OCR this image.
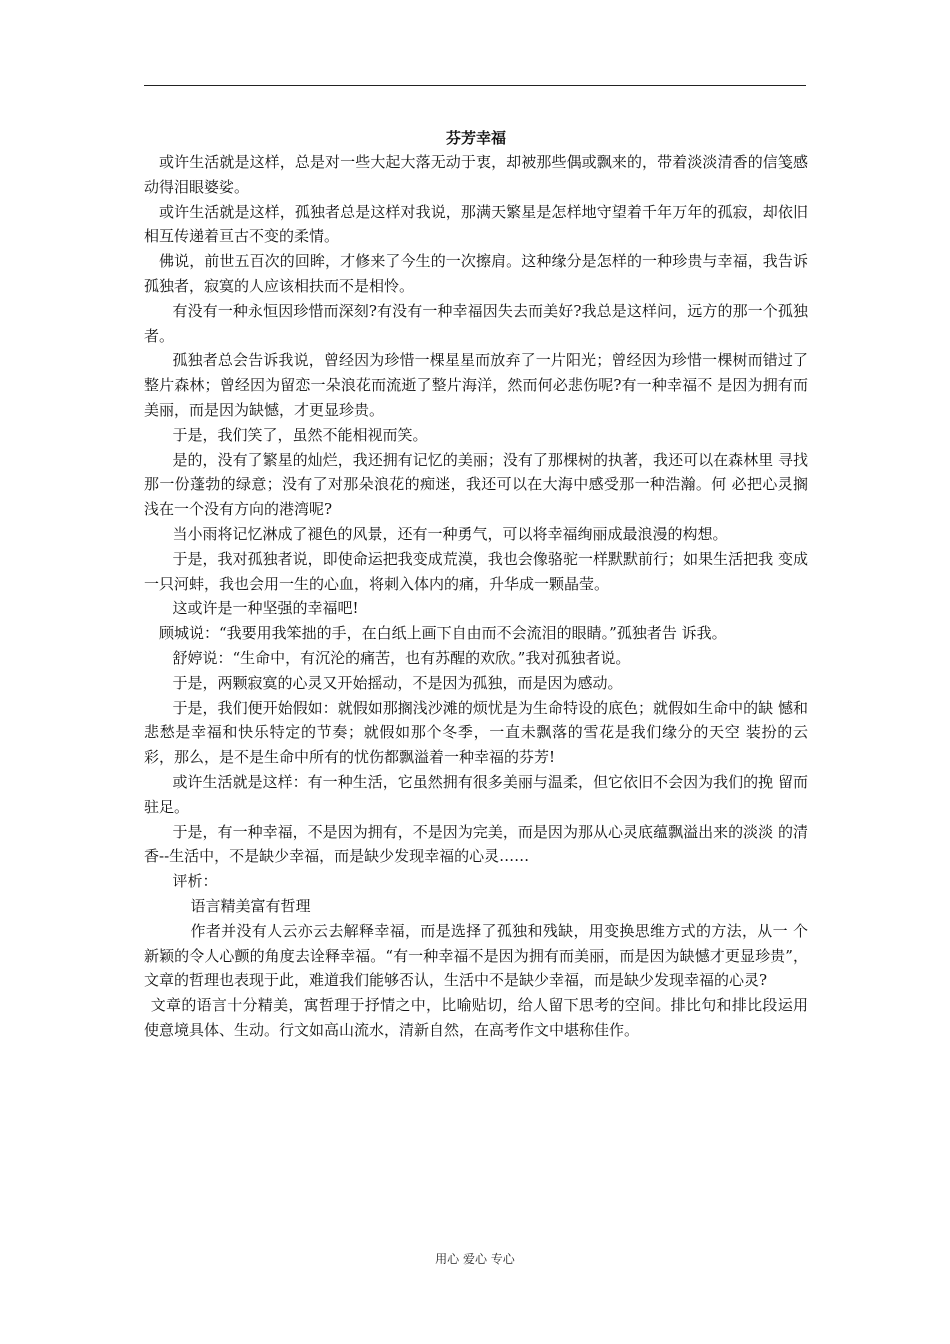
芬芳幸福

或许生活就是这样，总是对一些大起大落无动于衷，却被那些偶或飘来的，带着淡淡清香的信笺感动得泪眼婆娑。

或许生活就是这样，孤独者总是这样对我说，那满天繁星是怎样地守望着千年万年的孤寂，却依旧相互传递着亘古不变的柔情。

佛说，前世五百次的回眸，才修来了今生的一次擦肩。这种缘分是怎样的一种珍贵与幸福，我告诉孤独者，寂寞的人应该相扶而不是相怜。

有没有一种永恒因珍惜而深刻?有没有一种幸福因失去而美好?我总是这样问，远方的那一个孤独者。

孤独者总会告诉我说，曾经因为珍惜一棵星星而放弃了一片阳光；曾经因为珍惜一棵树而错过了整片森林；曾经因为留恋一朵浪花而流逝了整片海洋，然而何必悲伤呢?有一种幸福不 是因为拥有而美丽，而是因为缺憾，才更显珍贵。

于是，我们笑了，虽然不能相视而笑。

是的，没有了繁星的灿烂，我还拥有记忆的美丽；没有了那棵树的执著，我还可以在森林里 寻找那一份蓬勃的绿意；没有了对那朵浪花的痴迷，我还可以在大海中感受那一种浩瀚。何 必把心灵搁浅在一个没有方向的港湾呢?

当小雨将记忆淋成了褪色的风景，还有一种勇气，可以将幸福绚丽成最浪漫的构想。

于是，我对孤独者说，即使命运把我变成荒漠，我也会像骆驼一样默默前行；如果生活把我 变成一只河蚌，我也会用一生的心血，将刺入体内的痛，升华成一颗晶莹。

这或许是一种坚强的幸福吧!

顾城说：“我要用我笨拙的手，在白纸上画下自由而不会流泪的眼睛。”孤独者告 诉我。

舒婷说：“生命中，有沉沦的痛苦，也有苏醒的欢欣。”我对孤独者说。

于是，两颗寂寞的心灵又开始摇动，不是因为孤独，而是因为感动。

于是，我们便开始假如：就假如那搁浅沙滩的烦忧是为生命特设的底色；就假如生命中的缺 憾和悲愁是幸福和快乐特定的节奏；就假如那个冬季，一直未飘落的雪花是我们缘分的天空 装扮的云彩，那么，是不是生命中所有的忧伤都飘溢着一种幸福的芬芳!

或许生活就是这样：有一种生活，它虽然拥有很多美丽与温柔，但它依旧不会因为我们的挽 留而驻足。

于是，有一种幸福，不是因为拥有，不是因为完美，而是因为那从心灵底蕴飘溢出来的淡淡 的清香--生活中，不是缺少幸福，而是缺少发现幸福的心灵……

评析：

语言精美富有哲理

作者并没有人云亦云去解释幸福，而是选择了孤独和残缺，用变换思维方式的方法，从一 个新颖的令人心颤的角度去诠释幸福。“有一种幸福不是因为拥有而美丽，而是因为缺憾才更显珍贵”，文章的哲理也表现于此，难道我们能够否认，生活中不是缺少幸福，而是缺少发现幸福的心灵?

文章的语言十分精美，寓哲理于抒情之中，比喻贴切，给人留下思考的空间。排比句和排比段运用使意境具体、生动。行文如高山流水，清新自然，在高考作文中堪称佳作。

用心 爱心 专心
